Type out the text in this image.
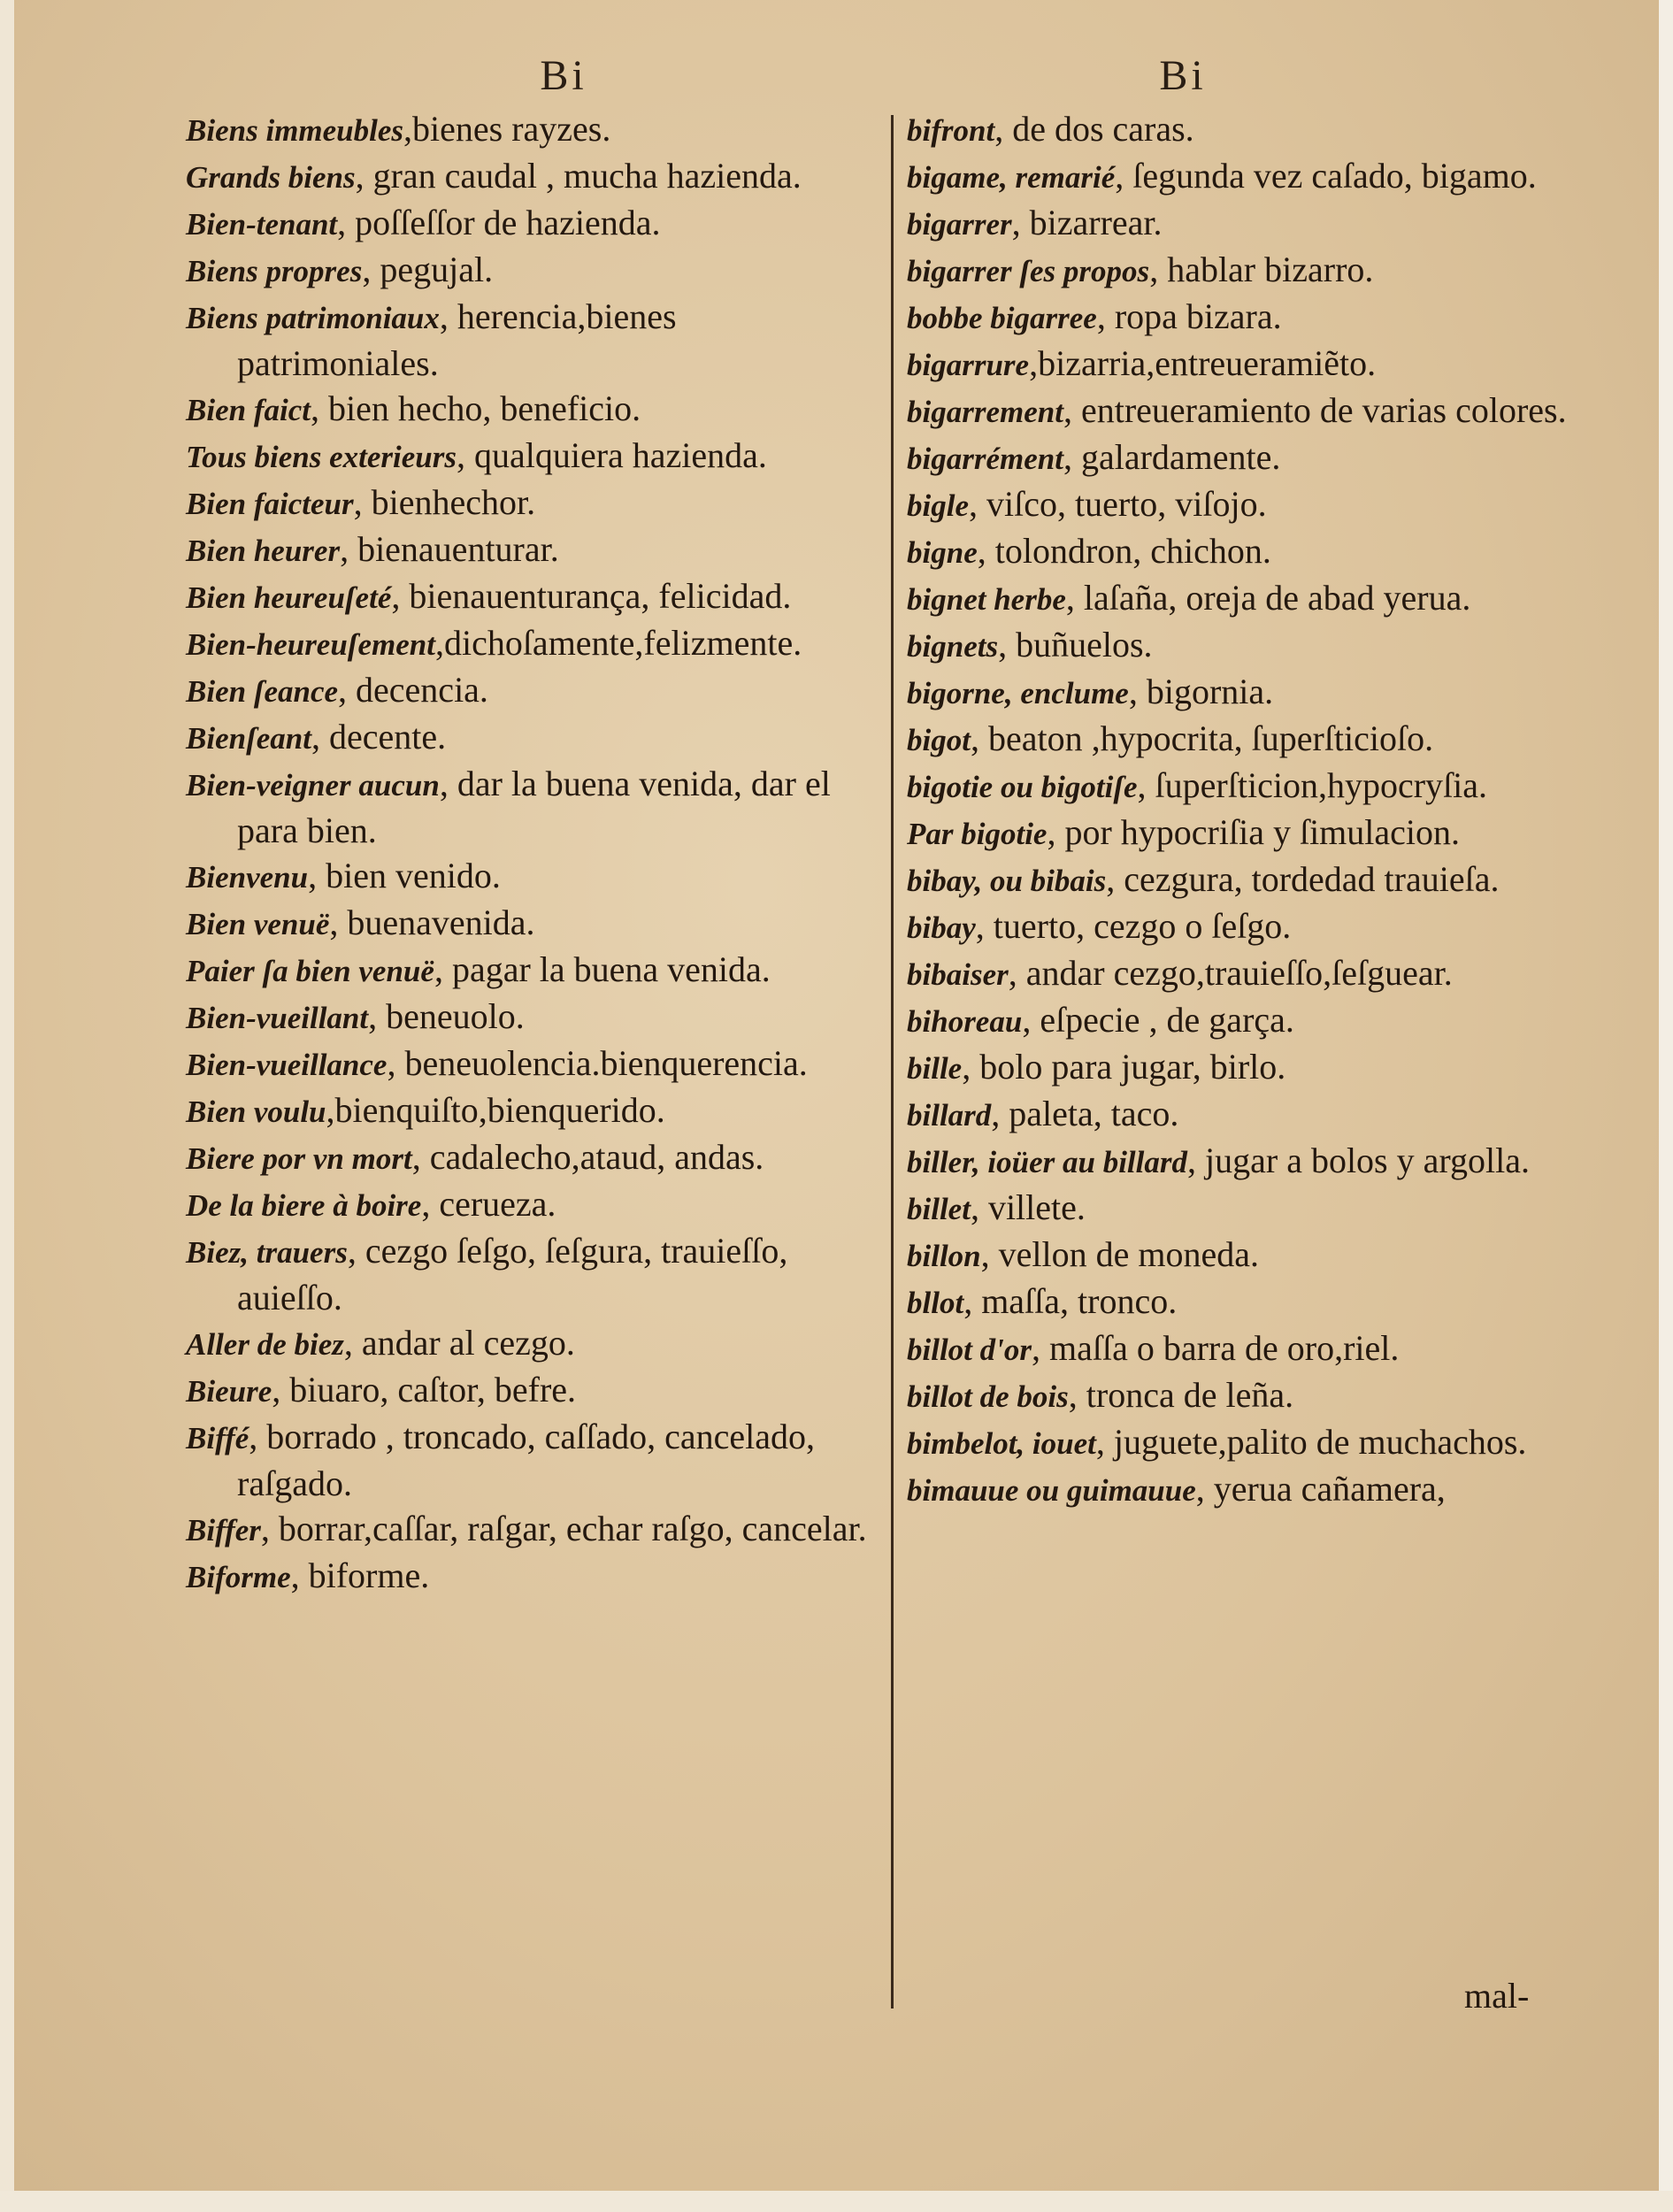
Bi	Bi
Biens immeubles,bienes rayzes.
Grands biens, gran caudal , mucha hazienda.
Bien-tenant, poſſeſſor de hazienda.
Biens propres, pegujal.
Biens patrimoniaux, herencia,bienes patrimoniales.
Bien faict, bien hecho, beneficio.
Tous biens exterieurs, qualquiera hazienda.
Bien faicteur, bienhechor.
Bien heurer, bienauenturar.
Bien heureuſeté, bienauenturança, felicidad.
Bien-heureuſement,dichoſamente,felizmente.
Bien ſeance, decencia.
Bienſeant, decente.
Bien-veigner aucun, dar la buena venida, dar el para bien.
Bienvenu, bien venido.
Bien venuë, buenavenida.
Paier ſa bien venuë, pagar la buena venida.
Bien-vueillant, beneuolo.
Bien-vueillance, beneuolencia.bienquerencia.
Bien voulu,bienquiſto,bienquerido.
Biere por vn mort, cadalecho,ataud, andas.
De la biere à boire, cerueza.
Biez, trauers, cezgo ſeſgo, ſeſgura, trauieſſo, auieſſo.
Aller de biez, andar al cezgo.
Bieure, biuaro, caſtor, befre.
Biffé, borrado , troncado, caſſado, cancelado, raſgado.
Biffer, borrar,caſſar, raſgar, echar raſgo, cancelar.
Biforme, biforme.
bifront, de dos caras.
bigame, remarié, ſegunda vez caſado, bigamo.
bigarrer, bizarrear.
bigarrer ſes propos, hablar bizarro.
bobbe bigarree, ropa bizara.
bigarrure,bizarria,entreueramiẽto.
bigarrement, entreueramiento de varias colores.
bigarrément, galardamente.
bigle, viſco, tuerto, viſojo.
bigne, tolondron, chichon.
bignet herbe, laſaña, oreja de abad yerua.
bignets, buñuelos.
bigorne, enclume, bigornia.
bigot, beaton ,hypocrita, ſuperſticioſo.
bigotie ou bigotiſe, ſuperſticion,hypocryſia.
Par bigotie, por hypocriſia y ſimulacion.
bibay, ou bibais, cezgura, tordedad trauieſa.
bibay, tuerto, cezgo o ſeſgo.
bibaiser, andar cezgo,trauieſſo,ſeſguear.
bihoreau, eſpecie , de garça.
bille, bolo para jugar, birlo.
billard, paleta, taco.
biller, ioüer au billard, jugar a bolos y argolla.
billet, villete.
billon, vellon de moneda.
bllot, maſſa, tronco.
billot d'or, maſſa o barra de oro,riel.
billot de bois, tronca de leña.
bimbelot, iouet, juguete,palito de muchachos.
bimauue ou guimauue, yerua cañamera,
mal-
